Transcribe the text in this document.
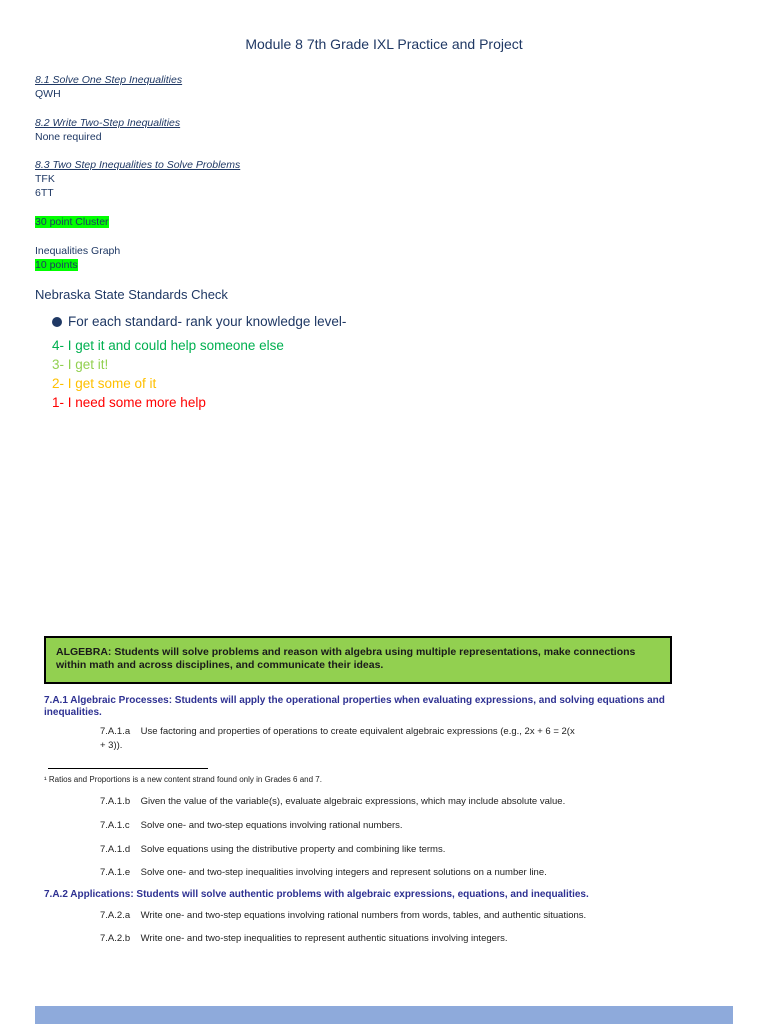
Module 8 7th Grade IXL Practice and Project
8.1 Solve One Step Inequalities
QWH
8.2 Write Two-Step Inequalities
None required
8.3 Two Step Inequalities to Solve Problems
TFK
6TT
30 point Cluster
Inequalities Graph
10 points
Nebraska State Standards Check
For each standard- rank your knowledge level-
4- I get it and could help someone else
3- I get it!
2- I get some of it
1- I need some more help
ALGEBRA: Students will solve problems and reason with algebra using multiple representations, make connections within math and across disciplines, and communicate their ideas.
7.A.1 Algebraic Processes: Students will apply the operational properties when evaluating expressions, and solving equations and inequalities.
7.A.1.a Use factoring and properties of operations to create equivalent algebraic expressions (e.g., 2x + 6 = 2(x
+ 3)).
¹ Ratios and Proportions is a new content strand found only in Grades 6 and 7.
7.A.1.b Given the value of the variable(s), evaluate algebraic expressions, which may include absolute value.
7.A.1.c Solve one- and two-step equations involving rational numbers.
7.A.1.d Solve equations using the distributive property and combining like terms.
7.A.1.e Solve one- and two-step inequalities involving integers and represent solutions on a number line.
7.A.2 Applications: Students will solve authentic problems with algebraic expressions, equations, and inequalities.
7.A.2.a Write one- and two-step equations involving rational numbers from words, tables, and authentic situations.
7.A.2.b Write one- and two-step inequalities to represent authentic situations involving integers.
